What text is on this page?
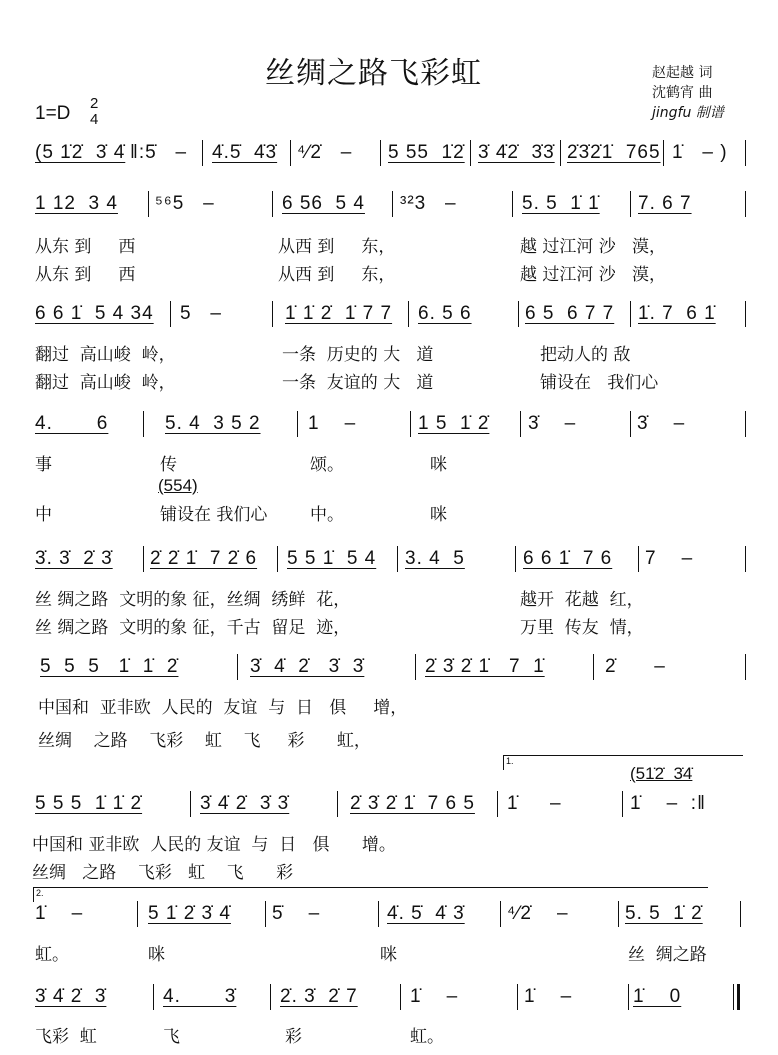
丝绸之路飞彩虹	赵起越 词
沈鹤宵 曲
jingfu 制谱
1=D 2
4
(5 1̇2̇  3̇ 4̇ ‖:5̇   – 4̇.5̇  4̇3̇ ⁴⁄2̇   – 5 55  1̇2̇ 3̇ 4̇2̇  3̇3̇ 2̇3̇2̇1̇  765 1̇   – )
1 12  3 4 ⁵⁶5   –	6 56  5 4 ³²3   –	5. 5  1̇ 1̇ 7. 6 7
从东 到     西	从西 到     东，	越 过江河 沙   漠，
从东 到     西	从西 到     东，	越 过江河 沙   漠，
6 6 1̇  5 4 34 5   –	1̇ 1̇ 2̇  1̇ 7 7 6. 5 6	6 5  6 7 7 1̇. 7  6 1̇
翻过  高山峻  岭，	一条  历史的 大   道	把动人的 敌
翻过  高山峻  岭，	一条  友谊的 大   道	铺设在   我们心
4.       6	5. 4  3 5 2 1    –	1 5  1̇ 2̇ 3̇    –	3̇    –
事	传	颂。	咪
中	铺设在 我们心	中。	咪
(554)
3̇. 3̇  2̇ 3̇ 2̇ 2̇ 1̇  7 2̇ 6 5 5 1̇  5 4 3. 4  5	6 6 1̇  7 6 7    –
丝 绸之路  文明的象 征，丝绸  绣鲜  花，	越开  花越  红，
丝 绸之路  文明的象 征，千古  留足  迹，	万里  传友  情，
5  5  5   1̇  1̇  2̇	3̇  4̇  2̇   3̇  3̇	2̇ 3̇ 2̇ 1̇   7  1̇	2̇      –
中国和  亚非欧  人民的  友谊  与  日   俱     增，
丝绸    之路    飞彩    虹    飞     彩      虹，
5 5 5  1̇ 1̇ 2̇	3̇ 4̇ 2̇  3̇ 3̇	2̇ 3̇ 2̇ 1̇  7 6 5 1̇     –	1̇    –  :‖
中国和 亚非欧  人民的 友谊  与  日   俱      增。
丝绸   之路    飞彩   虹    飞      彩
1.
(51̇2̇  3̇4̇
1̇    –	5 1̇ 2̇ 3̇ 4̇ 5̇    –	4̇. 5̇  4̇ 3̇ ⁴⁄2̇    –	5. 5  1̇ 2̇
虹。	咪	咪	丝  绸之路
2.
3̇ 4̇ 2̇  3̇	4.       3̇ 2̇. 3̇  2̇ 7	1̇    –	1̇    –	1̇    0
飞彩  虹	飞	彩	虹。
